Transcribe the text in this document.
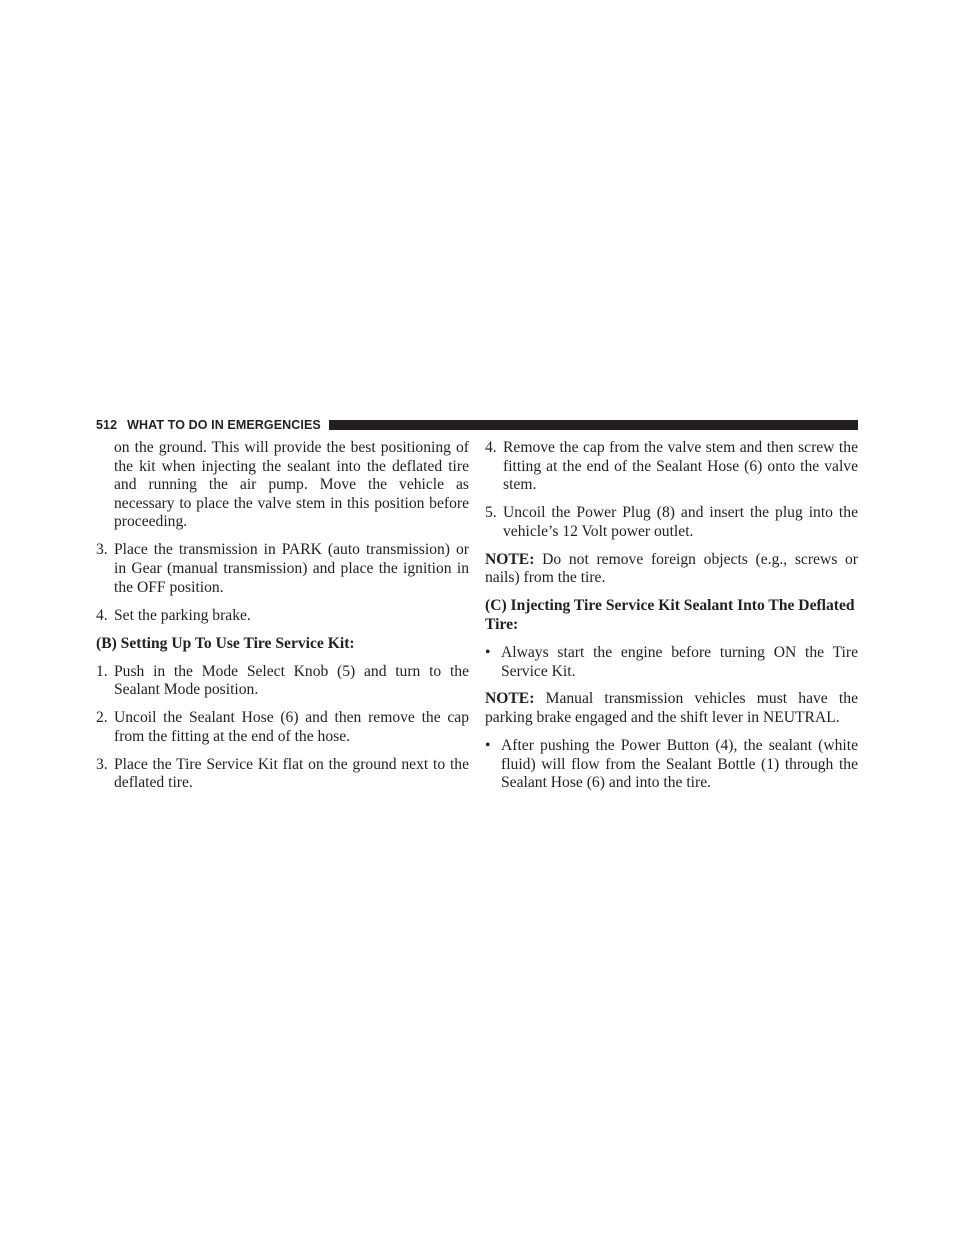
512 WHAT TO DO IN EMERGENCIES

on the ground. This will provide the best positioning of the kit when injecting the sealant into the deflated tire and running the air pump. Move the vehicle as necessary to place the valve stem in this position before proceeding.

3. Place the transmission in PARK (auto transmission) or in Gear (manual transmission) and place the ignition in the OFF position.
4. Set the parking brake.

(B) Setting Up To Use Tire Service Kit:

1. Push in the Mode Select Knob (5) and turn to the Sealant Mode position.
2. Uncoil the Sealant Hose (6) and then remove the cap from the fitting at the end of the hose.
3. Place the Tire Service Kit flat on the ground next to the deflated tire.
4. Remove the cap from the valve stem and then screw the fitting at the end of the Sealant Hose (6) onto the valve stem.
5. Uncoil the Power Plug (8) and insert the plug into the vehicle’s 12 Volt power outlet.

NOTE: Do not remove foreign objects (e.g., screws or nails) from the tire.

(C) Injecting Tire Service Kit Sealant Into The Deflated Tire:

• Always start the engine before turning ON the Tire Service Kit.

NOTE: Manual transmission vehicles must have the parking brake engaged and the shift lever in NEUTRAL.

• After pushing the Power Button (4), the sealant (white fluid) will flow from the Sealant Bottle (1) through the Sealant Hose (6) and into the tire.
